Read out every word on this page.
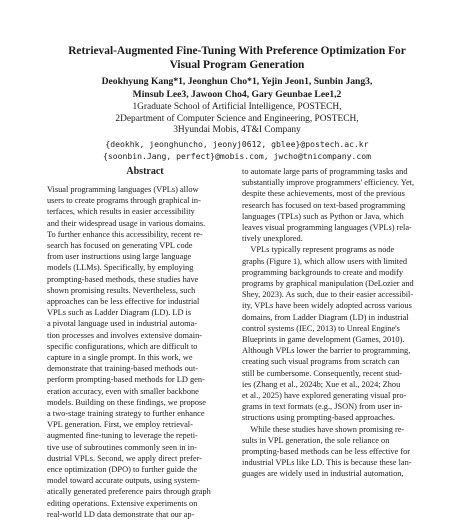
Retrieval-Augmented Fine-Tuning With Preference Optimization For
Visual Program Generation
Deokhyung Kang*1, Jeonghun Cho*1, Yejin Jeon1, Sunbin Jang3,
Minsub Lee3, Jawoon Cho4, Gary Geunbae Lee1,2
1Graduate School of Artificial Intelligence, POSTECH,
2Department of Computer Science and Engineering, POSTECH,
3Hyundai Mobis, 4T&I Company
{deokhk, jeonghuncho, jeonyj0612, gblee}@postech.ac.kr
{soonbin.Jang, perfect}@mobis.com, jwcho@tnicompany.com
Abstract
Visual programming languages (VPLs) allow
users to create programs through graphical in-
terfaces, which results in easier accessibility
and their widespread usage in various domains.
To further enhance this accessibility, recent re-
search has focused on generating VPL code
from user instructions using large language
models (LLMs). Specifically, by employing
prompting-based methods, these studies have
shown promising results. Nevertheless, such
approaches can be less effective for industrial
VPLs such as Ladder Diagram (LD). LD is
a pivotal language used in industrial automa-
tion processes and involves extensive domain-
specific configurations, which are difficult to
capture in a single prompt. In this work, we
demonstrate that training-based methods out-
perform prompting-based methods for LD gen-
eration accuracy, even with smaller backbone
models. Building on these findings, we propose
a two-stage training strategy to further enhance
VPL generation. First, we employ retrieval-
augmented fine-tuning to leverage the repeti-
tive use of subroutines commonly seen in in-
dustrial VPLs. Second, we apply direct prefer-
ence optimization (DPO) to further guide the
model toward accurate outputs, using system-
atically generated preference pairs through graph
editing operations. Extensive experiments on
real-world LD data demonstrate that our ap-
to automate large parts of programming tasks and
substantially improve programmers' efficiency. Yet,
despite these achievements, most of the previous
research has focused on text-based programming
languages (TPLs) such as Python or Java, which
leaves visual programming languages (VPLs) rela-
tively unexplored.
 VPLs typically represent programs as node
graphs (Figure 1), which allow users with limited
programming backgrounds to create and modify
programs by graphical manipulation (DeLozier and
Shey, 2023). As such, due to their easier accessibil-
ity, VPLs have been widely adopted across various
domains, from Ladder Diagram (LD) in industrial
control systems (IEC, 2013) to Unreal Engine's
Blueprints in game development (Games, 2010).
Although VPLs lower the barrier to programming,
creating such visual programs from scratch can
still be cumbersome. Consequently, recent stud-
ies (Zhang et al., 2024b; Xue et al., 2024; Zhou
et al., 2025) have explored generating visual pro-
grams in text formats (e.g., JSON) from user in-
structions using prompting-based approaches.
 While these studies have shown promising re-
sults in VPL generation, the sole reliance on
prompting-based methods can be less effective for
industrial VPLs like LD. This is because these lan-
guages are widely used in industrial automation,
